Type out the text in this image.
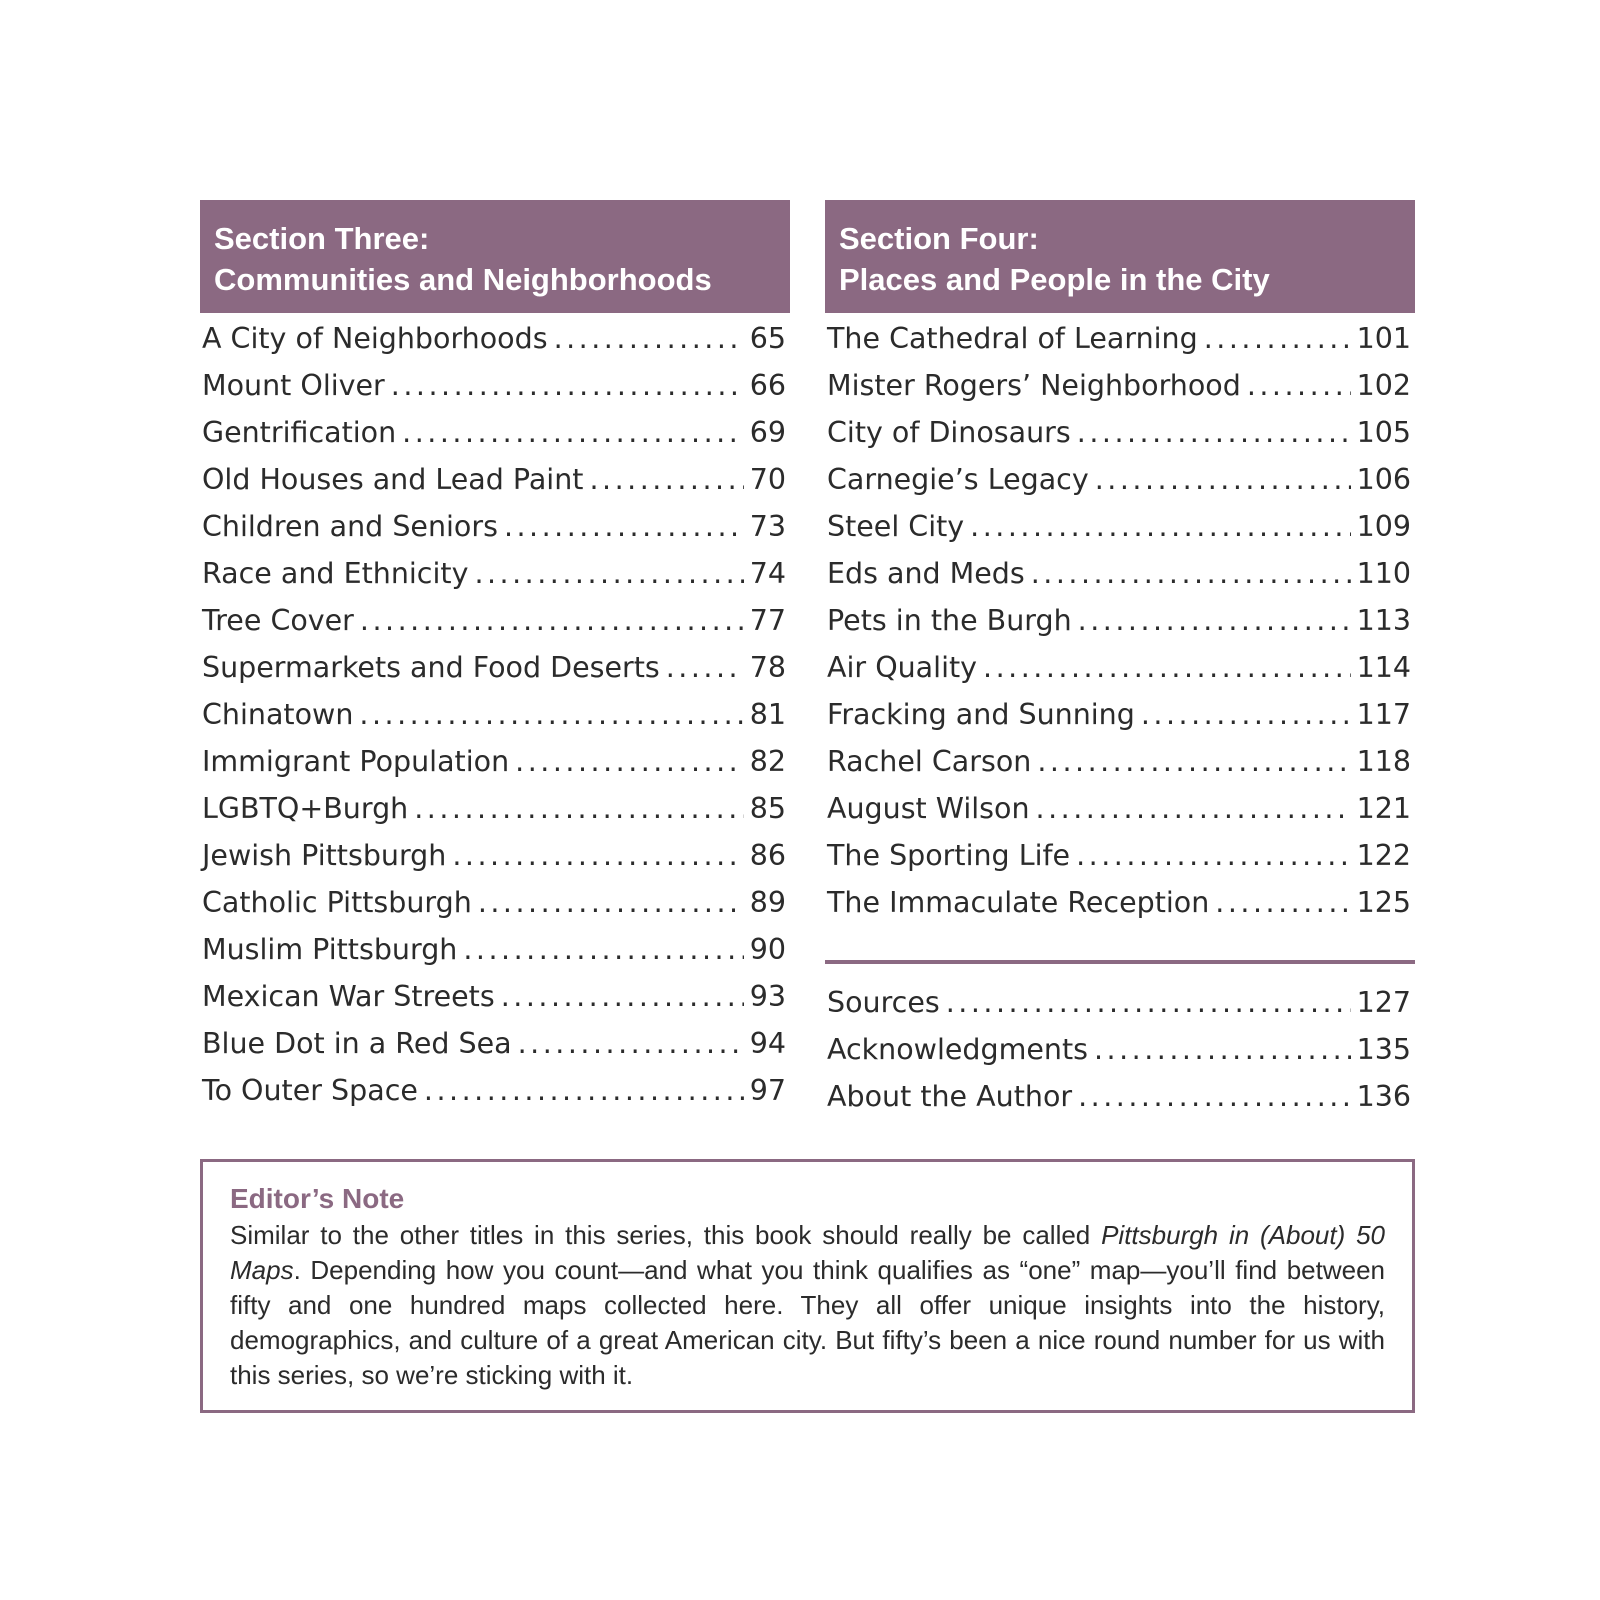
Section Three:
Communities and Neighborhoods
A City of Neighborhoods .....	65
Mount Oliver .....	66
Gentrification .....	69
Old Houses and Lead Paint .....	70
Children and Seniors .....	73
Race and Ethnicity .....	74
Tree Cover .....	77
Supermarkets and Food Deserts .....	78
Chinatown .....	81
Immigrant Population .....	82
LGBTQ+Burgh .....	85
Jewish Pittsburgh .....	86
Catholic Pittsburgh .....	89
Muslim Pittsburgh .....	90
Mexican War Streets .....	93
Blue Dot in a Red Sea .....	94
To Outer Space .....	97
Section Four:
Places and People in the City
The Cathedral of Learning .....	101
Mister Rogers’ Neighborhood .....	102
City of Dinosaurs .....	105
Carnegie’s Legacy .....	106
Steel City .....	109
Eds and Meds .....	110
Pets in the Burgh .....	113
Air Quality .....	114
Fracking and Sunning .....	117
Rachel Carson .....	118
August Wilson .....	121
The Sporting Life .....	122
The Immaculate Reception .....	125
Sources .....	127
Acknowledgments .....	135
About the Author .....	136
Editor’s Note
Similar to the other titles in this series, this book should really be called Pittsburgh in (About) 50 Maps. Depending how you count—and what you think qualifies as “one” map—you’ll find between fifty and one hundred maps collected here. They all offer unique insights into the history, demographics, and culture of a great American city. But fifty’s been a nice round number for us with this series, so we’re sticking with it.
